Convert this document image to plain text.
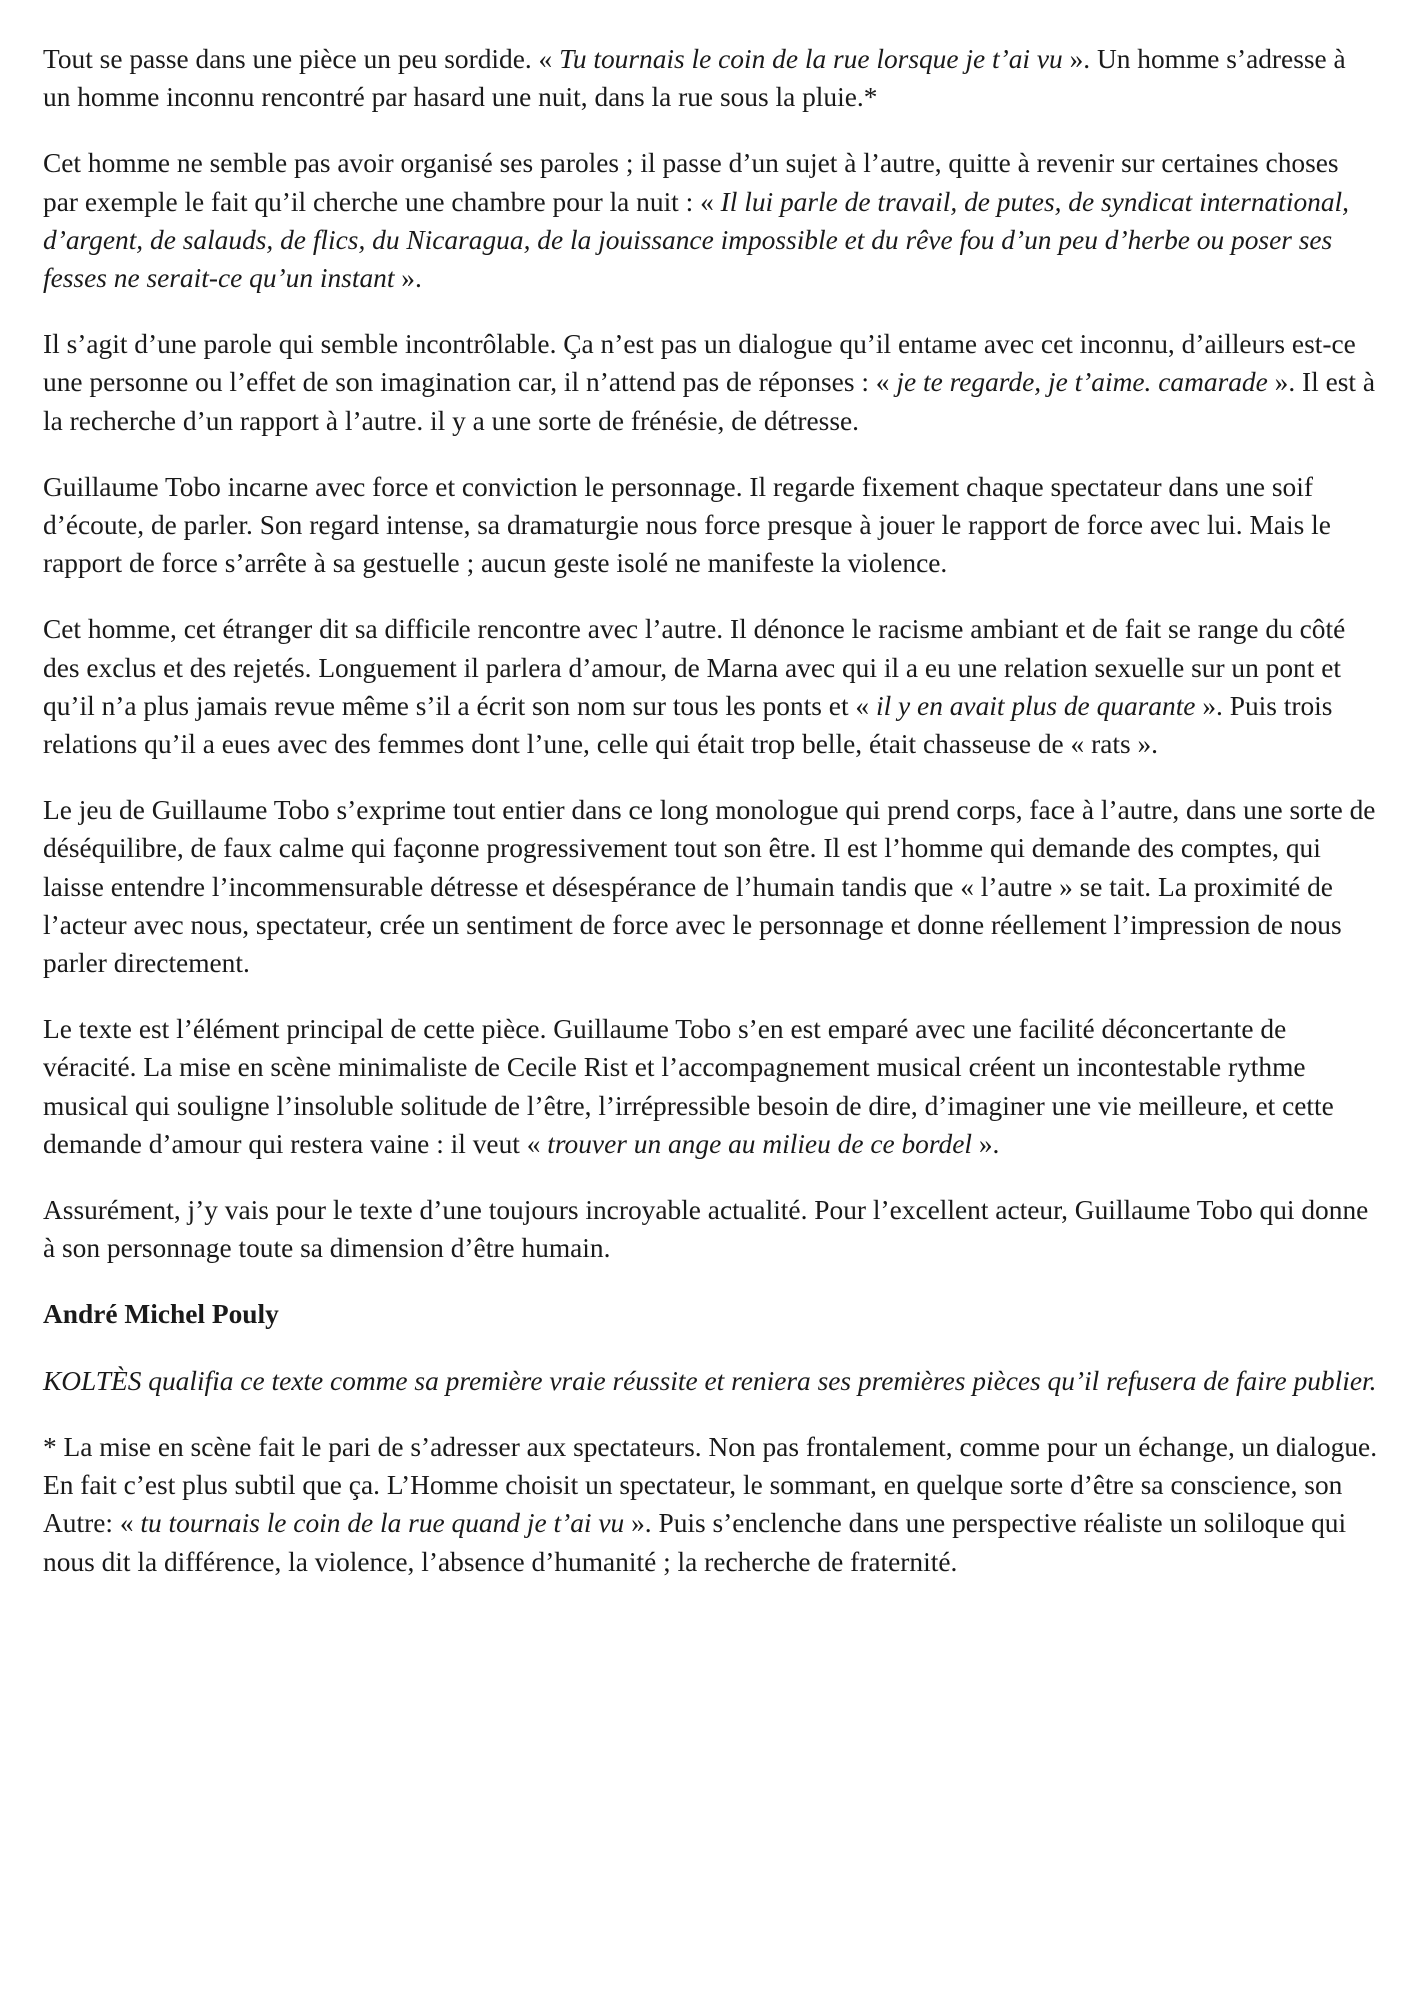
Tout se passe dans une pièce un peu sordide. « Tu tournais le coin de la rue lorsque je t’ai vu ». Un homme s’adresse à un homme inconnu rencontré par hasard une nuit, dans la rue sous la pluie.*

Cet homme ne semble pas avoir organisé ses paroles ; il passe d’un sujet à l’autre, quitte à revenir sur certaines choses par exemple le fait qu’il cherche une chambre pour la nuit : « Il lui parle de travail, de putes, de syndicat international, d’argent, de salauds, de flics, du Nicaragua, de la jouissance impossible et du rêve fou d’un peu d’herbe ou poser ses fesses ne serait-ce qu’un instant ».

Il s’agit d’une parole qui semble incontrôlable. Ça n’est pas un dialogue qu’il entame avec cet inconnu, d’ailleurs est-ce une personne ou l’effet de son imagination car, il n’attend pas de réponses : « je te regarde, je t’aime. camarade ». Il est à la recherche d’un rapport à l’autre. il y a une sorte de frénésie, de détresse.

Guillaume Tobo incarne avec force et conviction le personnage. Il regarde fixement chaque spectateur dans une soif d’écoute, de parler. Son regard intense, sa dramaturgie nous force presque à jouer le rapport de force avec lui. Mais le rapport de force s’arrête à sa gestuelle ; aucun geste isolé ne manifeste la violence.

Cet homme, cet étranger dit sa difficile rencontre avec l’autre. Il dénonce le racisme ambiant et de fait se range du côté des exclus et des rejetés. Longuement il parlera d’amour, de Marna avec qui il a eu une relation sexuelle sur un pont et qu’il n’a plus jamais revue même s’il a écrit son nom sur tous les ponts et « il y en avait plus de quarante ». Puis trois relations qu’il a eues avec des femmes dont l’une, celle qui était trop belle, était chasseuse de « rats ».

Le jeu de Guillaume Tobo s’exprime tout entier dans ce long monologue qui prend corps, face à l’autre, dans une sorte de déséquilibre, de faux calme qui façonne progressivement tout son être. Il est l’homme qui demande des comptes, qui laisse entendre l’incommensurable détresse et désespérance de l’humain tandis que « l’autre » se tait. La proximité de l’acteur avec nous, spectateur, crée un sentiment de force avec le personnage et donne réellement l’impression de nous parler directement.

Le texte est l’élément principal de cette pièce. Guillaume Tobo s’en est emparé avec une facilité déconcertante de véracité. La mise en scène minimaliste de Cecile Rist et l’accompagnement musical créent un incontestable rythme musical qui souligne l’insoluble solitude de l’être, l’irrépressible besoin de dire, d’imaginer une vie meilleure, et cette demande d’amour qui restera vaine : il veut « trouver un ange au milieu de ce bordel ».

Assurément, j’y vais pour le texte d’une toujours incroyable actualité. Pour l’excellent acteur, Guillaume Tobo qui donne à son personnage toute sa dimension d’être humain.

André Michel Pouly

KOLTÈS qualifia ce texte comme sa première vraie réussite et reniera ses premières pièces qu’il refusera de faire publier.

* La mise en scène fait le pari de s’adresser aux spectateurs. Non pas frontalement, comme pour un échange, un dialogue. En fait c’est plus subtil que ça. L’Homme choisit un spectateur, le sommant, en quelque sorte d’être sa conscience, son Autre: « tu tournais le coin de la rue quand je t’ai vu ». Puis s’enclenche dans une perspective réaliste un soliloque qui nous dit la différence, la violence, l’absence d’humanité ; la recherche de fraternité.
